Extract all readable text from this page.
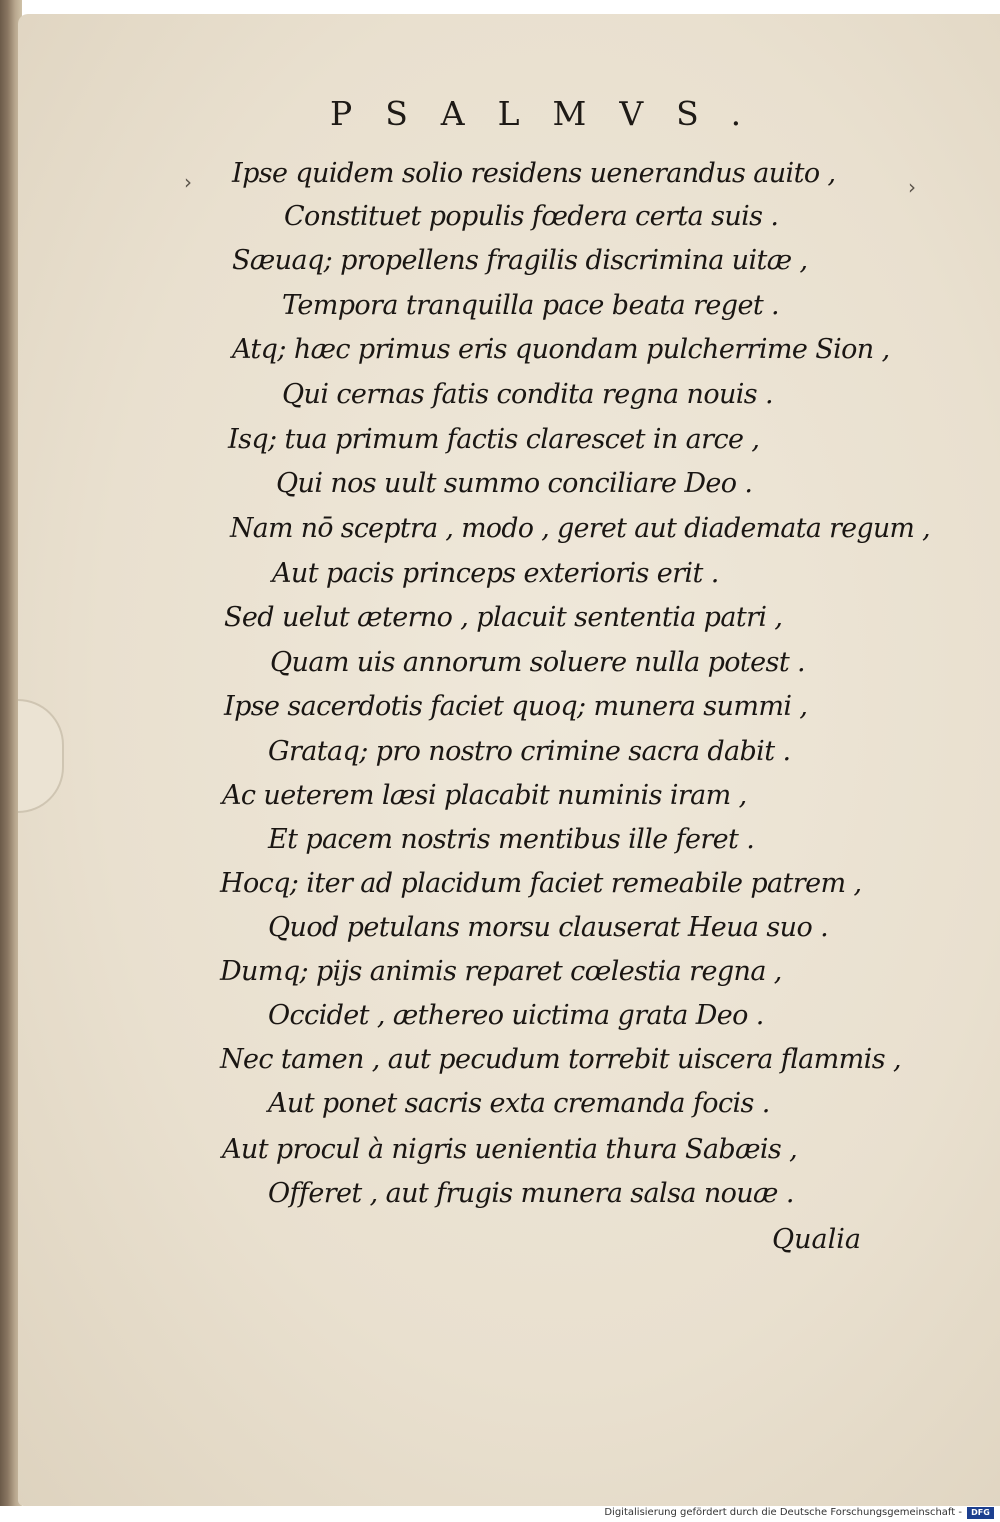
›	›
PSALMVS.
Ipse quidem solio residens uenerandus auito ,
Constituet populis fœdera certa suis .
Sæuaq; propellens fragilis discrimina uitæ ,
Tempora tranquilla pace beata reget .
Atq; hæc primus eris quondam pulcherrime Sion ,
Qui cernas fatis condita regna nouis .
Isq; tua primum factis clarescet in arce ,
Qui nos uult summo conciliare Deo .
Nam nō sceptra , modo , geret aut diademata regum ,
Aut pacis princeps exterioris erit .
Sed uelut æterno , placuit sententia patri ,
Quam uis annorum soluere nulla potest .
Ipse sacerdotis faciet quoq; munera summi ,
Grataq; pro nostro crimine sacra dabit .
Ac ueterem læsi placabit numinis iram ,
Et pacem nostris mentibus ille feret .
Hocq; iter ad placidum faciet remeabile patrem ,
Quod petulans morsu clauserat Heua suo .
Dumq; pijs animis reparet cœlestia regna ,
Occidet , æthereo uictima grata Deo .
Nec tamen , aut pecudum torrebit uiscera flammis ,
Aut ponet sacris exta cremanda focis .
Aut procul à nigris uenientia thura Sabæis ,
Offeret , aut frugis munera salsa nouæ .
Qualia
Digitalisierung gefördert durch die Deutsche Forschungsgemeinschaft -	DFG
